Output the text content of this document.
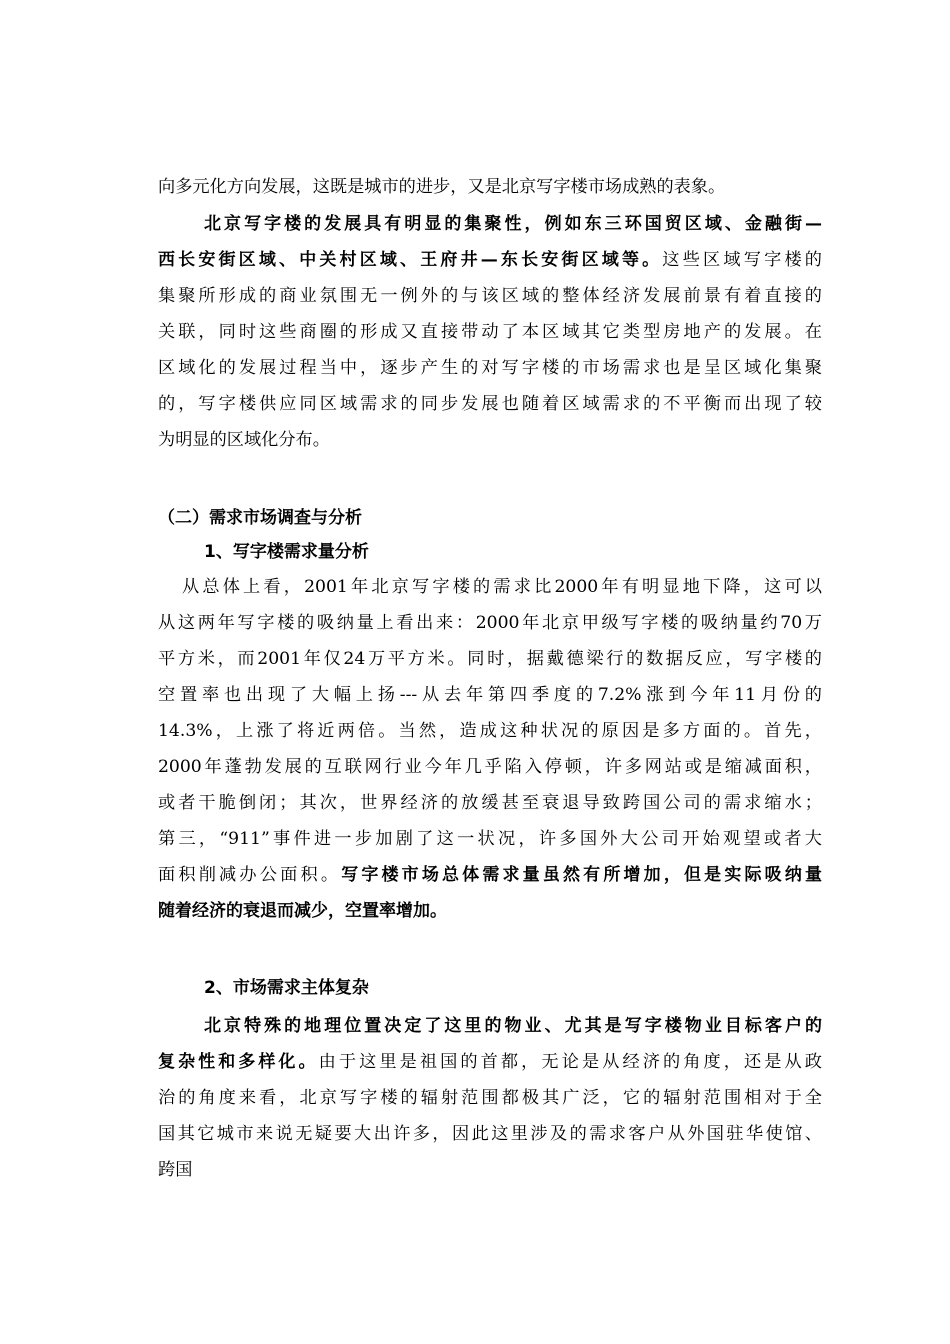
向多元化方向发展，这既是城市的进步，又是北京写字楼市场成熟的表象。
北京写字楼的发展具有明显的集聚性，例如东三环国贸区域、金融街—
西长安街区域、中关村区域、王府井—东长安街区域等。这些区域写字楼的
集聚所形成的商业氛围无一例外的与该区域的整体经济发展前景有着直接的
关联，同时这些商圈的形成又直接带动了本区域其它类型房地产的发展。在
区域化的发展过程当中，逐步产生的对写字楼的市场需求也是呈区域化集聚
的，写字楼供应同区域需求的同步发展也随着区域需求的不平衡而出现了较
为明显的区域化分布。
（二）需求市场调查与分析
1、写字楼需求量分析
从总体上看，2001年北京写字楼的需求比2000年有明显地下降，这可以
从这两年写字楼的吸纳量上看出来：2000年北京甲级写字楼的吸纳量约70万
平方米，而2001年仅24万平方米。同时，据戴德梁行的数据反应，写字楼的
空置率也出现了大幅上扬---从去年第四季度的7.2%涨到今年11月份的
14.3%，上涨了将近两倍。当然，造成这种状况的原因是多方面的。首先，
2000年蓬勃发展的互联网行业今年几乎陷入停顿，许多网站或是缩减面积，
或者干脆倒闭；其次，世界经济的放缓甚至衰退导致跨国公司的需求缩水；
第三，“911”事件进一步加剧了这一状况，许多国外大公司开始观望或者大
面积削减办公面积。写字楼市场总体需求量虽然有所增加，但是实际吸纳量
随着经济的衰退而减少，空置率增加。
2、市场需求主体复杂
北京特殊的地理位置决定了这里的物业、尤其是写字楼物业目标客户的
复杂性和多样化。由于这里是祖国的首都，无论是从经济的角度，还是从政
治的角度来看，北京写字楼的辐射范围都极其广泛，它的辐射范围相对于全
国其它城市来说无疑要大出许多，因此这里涉及的需求客户从外国驻华使馆、
跨国
